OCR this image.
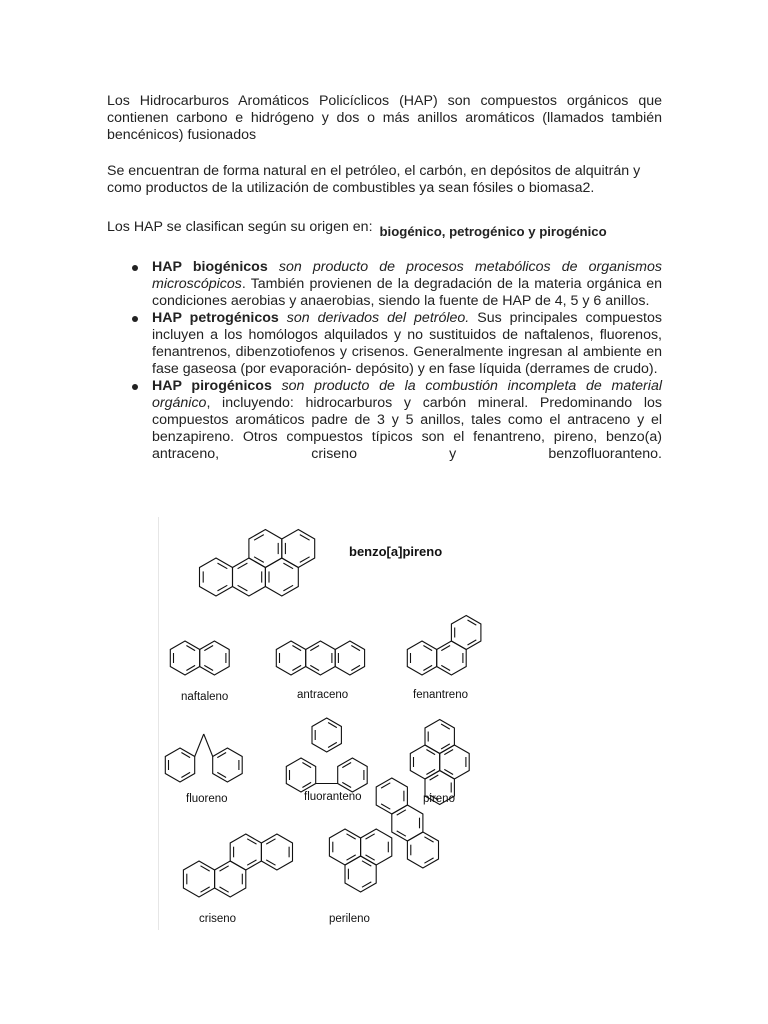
Los Hidrocarburos Aromáticos Policíclicos (HAP) son compuestos orgánicos que contienen carbono e hidrógeno y dos o más anillos aromáticos (llamados también bencénicos) fusionados

Se encuentran de forma natural en el petróleo, el carbón, en depósitos de alquitrán y como productos de la utilización de combustibles ya sean fósiles o biomasa2.

Los HAP se clasifican según su origen en: biogénico, petrogénico y pirogénico

HAP biogénicos son producto de procesos metabólicos de organismos microscópicos. También provienen de la degradación de la materia orgánica en condiciones aerobias y anaerobias, siendo la fuente de HAP de 4, 5 y 6 anillos.
HAP petrogénicos son derivados del petróleo. Sus principales compuestos incluyen a los homólogos alquilados y no sustituidos de naftalenos, fluorenos, fenantrenos, dibenzotiofenos y crisenos. Generalmente ingresan al ambiente en fase gaseosa (por evaporación- depósito) y en fase líquida (derrames de crudo).
HAP pirogénicos son producto de la combustión incompleta de material orgánico, incluyendo: hidrocarburos y carbón mineral. Predominando los compuestos aromáticos padre de 3 y 5 anillos, tales como el antraceno y el benzapireno. Otros compuestos típicos son el fenantreno, pireno, benzo(a) antraceno, criseno y benzofluoranteno.
benzo[a]pireno
naftaleno	antraceno	fenantreno
fluoreno	fluoranteno	pireno
criseno	perileno
